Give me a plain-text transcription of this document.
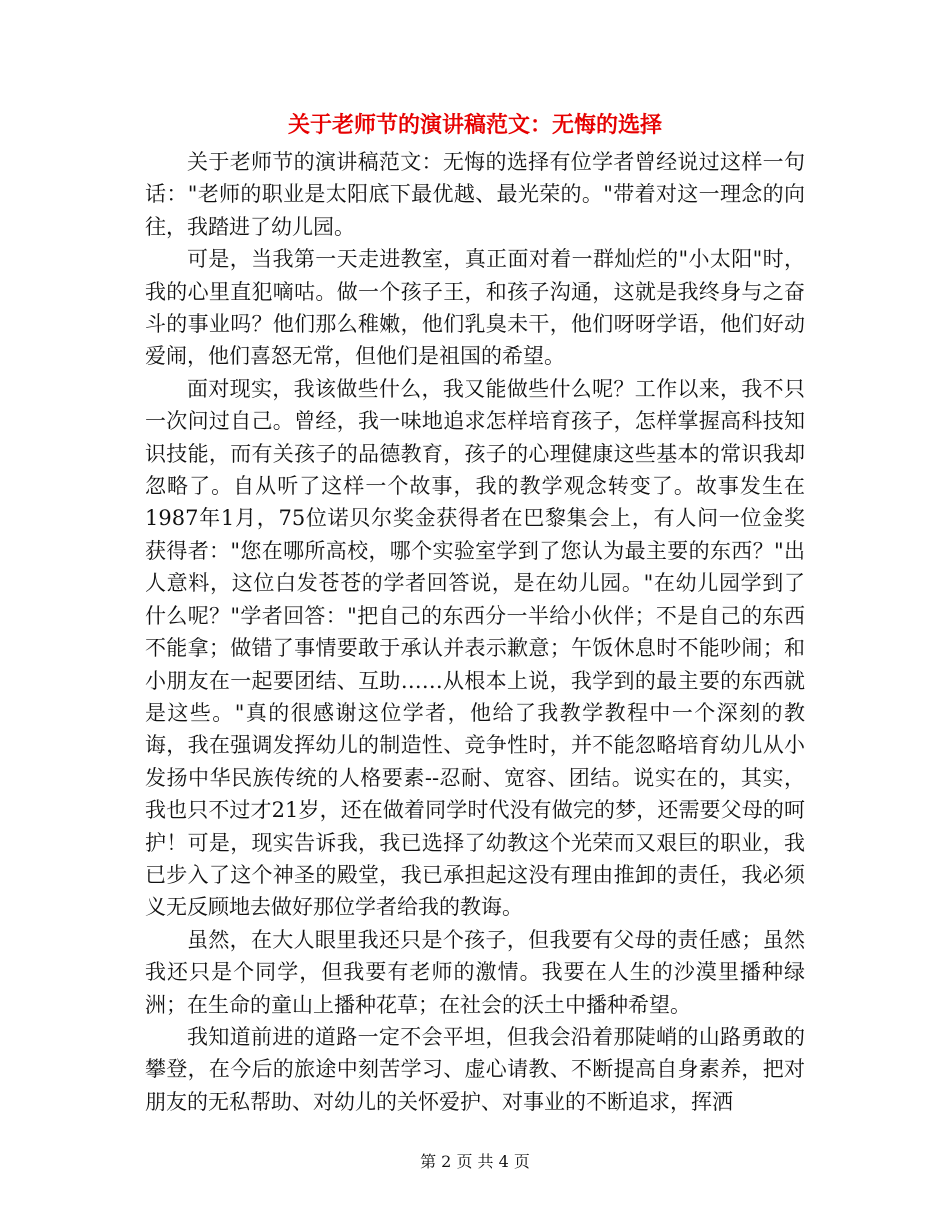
关于老师节的演讲稿范文：无悔的选择

关于老师节的演讲稿范文：无悔的选择有位学者曾经说过这样一句话："老师的职业是太阳底下最优越、最光荣的。"带着对这一理念的向往，我踏进了幼儿园。

可是，当我第一天走进教室，真正面对着一群灿烂的"小太阳"时，我的心里直犯嘀咕。做一个孩子王，和孩子沟通，这就是我终身与之奋斗的事业吗？他们那么稚嫩，他们乳臭未干，他们呀呀学语，他们好动爱闹，他们喜怒无常，但他们是祖国的希望。

面对现实，我该做些什么，我又能做些什么呢？工作以来，我不只一次问过自己。曾经，我一味地追求怎样培育孩子，怎样掌握高科技知识技能，而有关孩子的品德教育，孩子的心理健康这些基本的常识我却忽略了。自从听了这样一个故事，我的教学观念转变了。故事发生在1987年1月，75位诺贝尔奖金获得者在巴黎集会上，有人问一位金奖获得者："您在哪所高校，哪个实验室学到了您认为最主要的东西？"出人意料，这位白发苍苍的学者回答说，是在幼儿园。"在幼儿园学到了什么呢？"学者回答："把自己的东西分一半给小伙伴；不是自己的东西不能拿；做错了事情要敢于承认并表示歉意；午饭休息时不能吵闹；和小朋友在一起要团结、互助……从根本上说，我学到的最主要的东西就是这些。"真的很感谢这位学者，他给了我教学教程中一个深刻的教诲，我在强调发挥幼儿的制造性、竞争性时，并不能忽略培育幼儿从小发扬中华民族传统的人格要素--忍耐、宽容、团结。说实在的，其实，我也只不过才21岁，还在做着同学时代没有做完的梦，还需要父母的呵护！可是，现实告诉我，我已选择了幼教这个光荣而又艰巨的职业，我已步入了这个神圣的殿堂，我已承担起这没有理由推卸的责任，我必须义无反顾地去做好那位学者给我的教诲。

虽然，在大人眼里我还只是个孩子，但我要有父母的责任感；虽然我还只是个同学，但我要有老师的激情。我要在人生的沙漠里播种绿洲；在生命的童山上播种花草；在社会的沃土中播种希望。

我知道前进的道路一定不会平坦，但我会沿着那陡峭的山路勇敢的攀登，在今后的旅途中刻苦学习、虚心请教、不断提高自身素养，把对朋友的无私帮助、对幼儿的关怀爱护、对事业的不断追求，挥洒

第 2 页 共 4 页
